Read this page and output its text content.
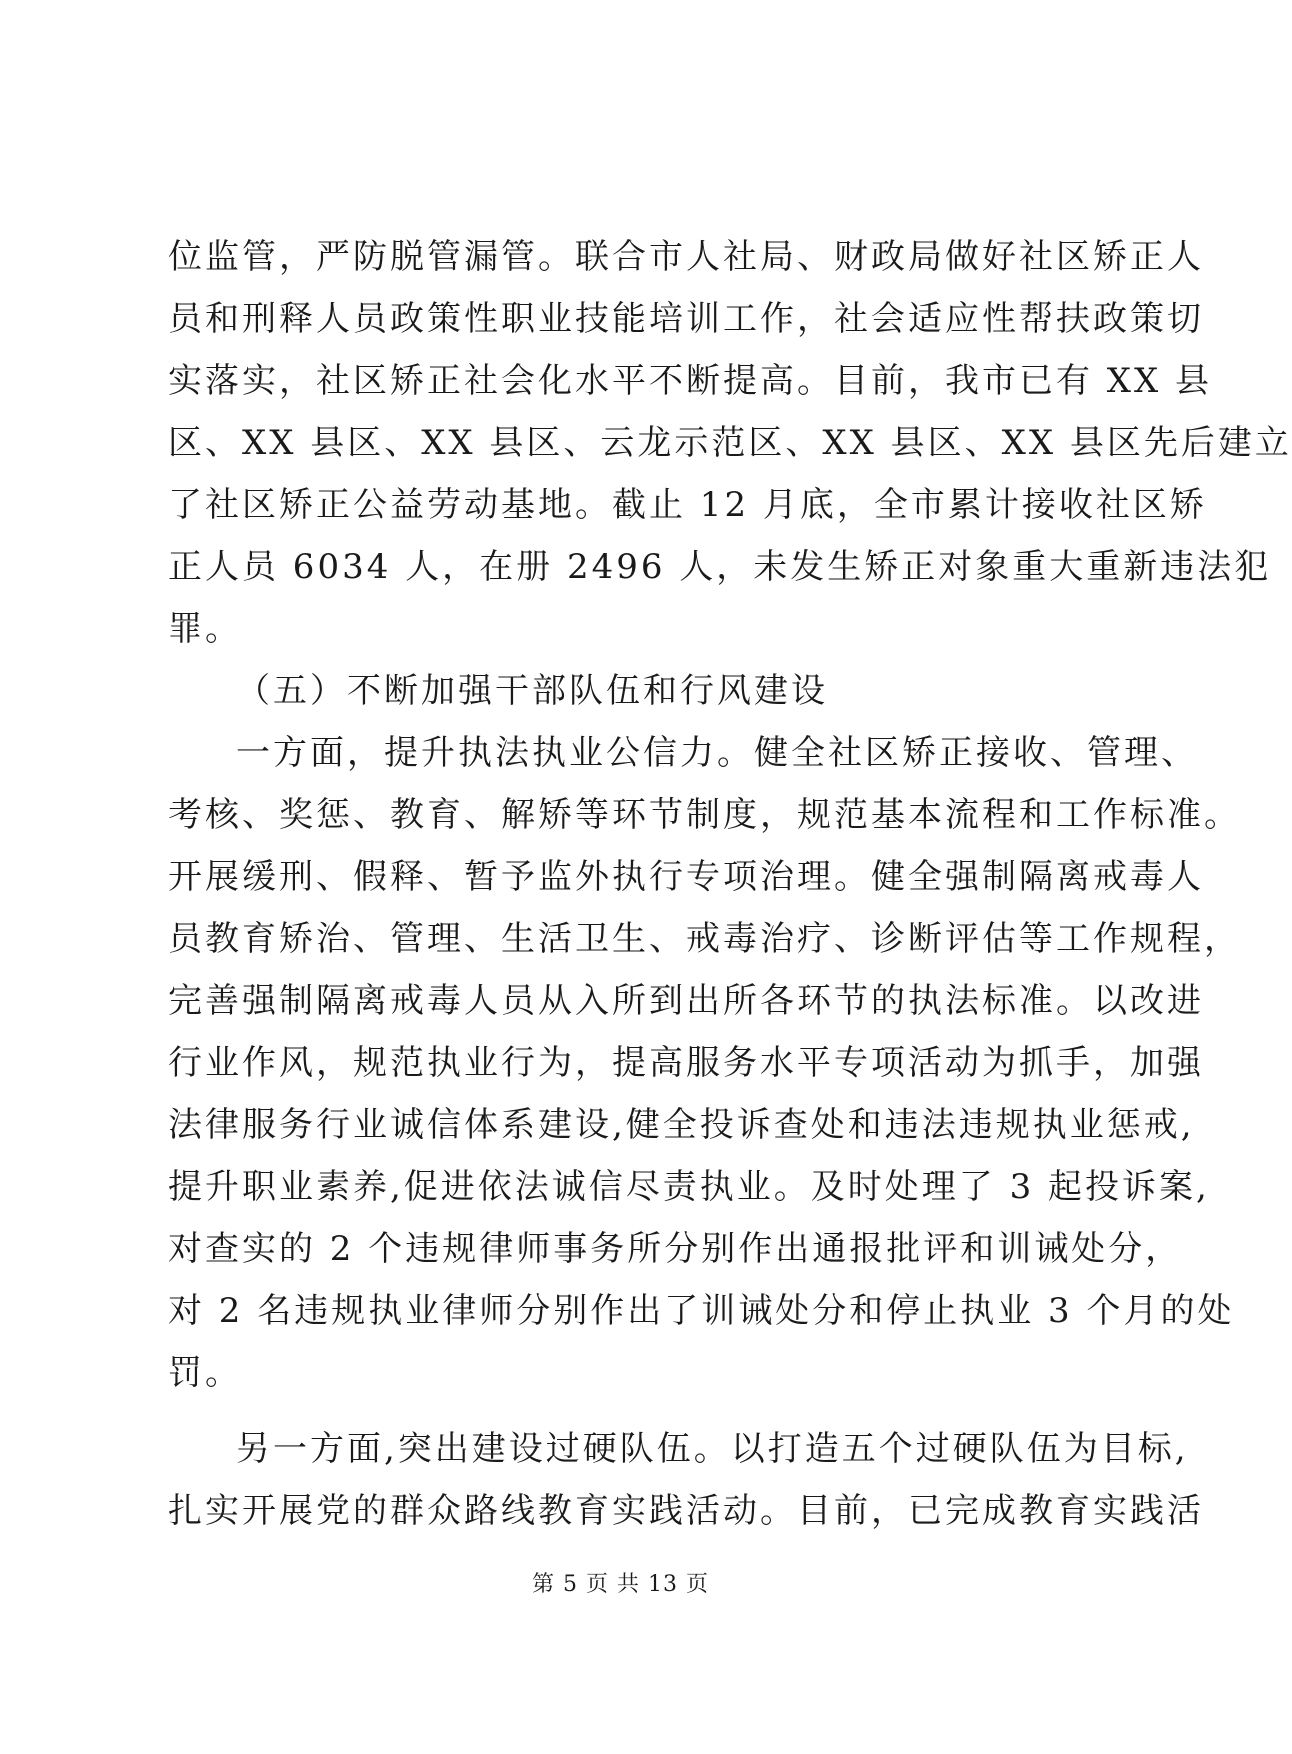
位监管，严防脱管漏管。联合市人社局、财政局做好社区矫正人
员和刑释人员政策性职业技能培训工作，社会适应性帮扶政策切
实落实，社区矫正社会化水平不断提高。目前，我市已有 XX 县
区、XX 县区、XX 县区、云龙示范区、XX 县区、XX 县区先后建立
了社区矫正公益劳动基地。截止 12 月底，全市累计接收社区矫
正人员 6034 人，在册 2496 人，未发生矫正对象重大重新违法犯
罪。
（五）不断加强干部队伍和行风建设
一方面，提升执法执业公信力。健全社区矫正接收、管理、
考核、奖惩、教育、解矫等环节制度，规范基本流程和工作标准。
开展缓刑、假释、暂予监外执行专项治理。健全强制隔离戒毒人
员教育矫治、管理、生活卫生、戒毒治疗、诊断评估等工作规程，
完善强制隔离戒毒人员从入所到出所各环节的执法标准。以改进
行业作风，规范执业行为，提高服务水平专项活动为抓手，加强
法律服务行业诚信体系建设,健全投诉查处和违法违规执业惩戒,
提升职业素养,促进依法诚信尽责执业。及时处理了 3 起投诉案,
对查实的 2 个违规律师事务所分别作出通报批评和训诫处分，
对 2 名违规执业律师分别作出了训诫处分和停止执业 3 个月的处
罚。
另一方面,突出建设过硬队伍。以打造五个过硬队伍为目标,
扎实开展党的群众路线教育实践活动。目前，已完成教育实践活
第 5 页 共 13 页
